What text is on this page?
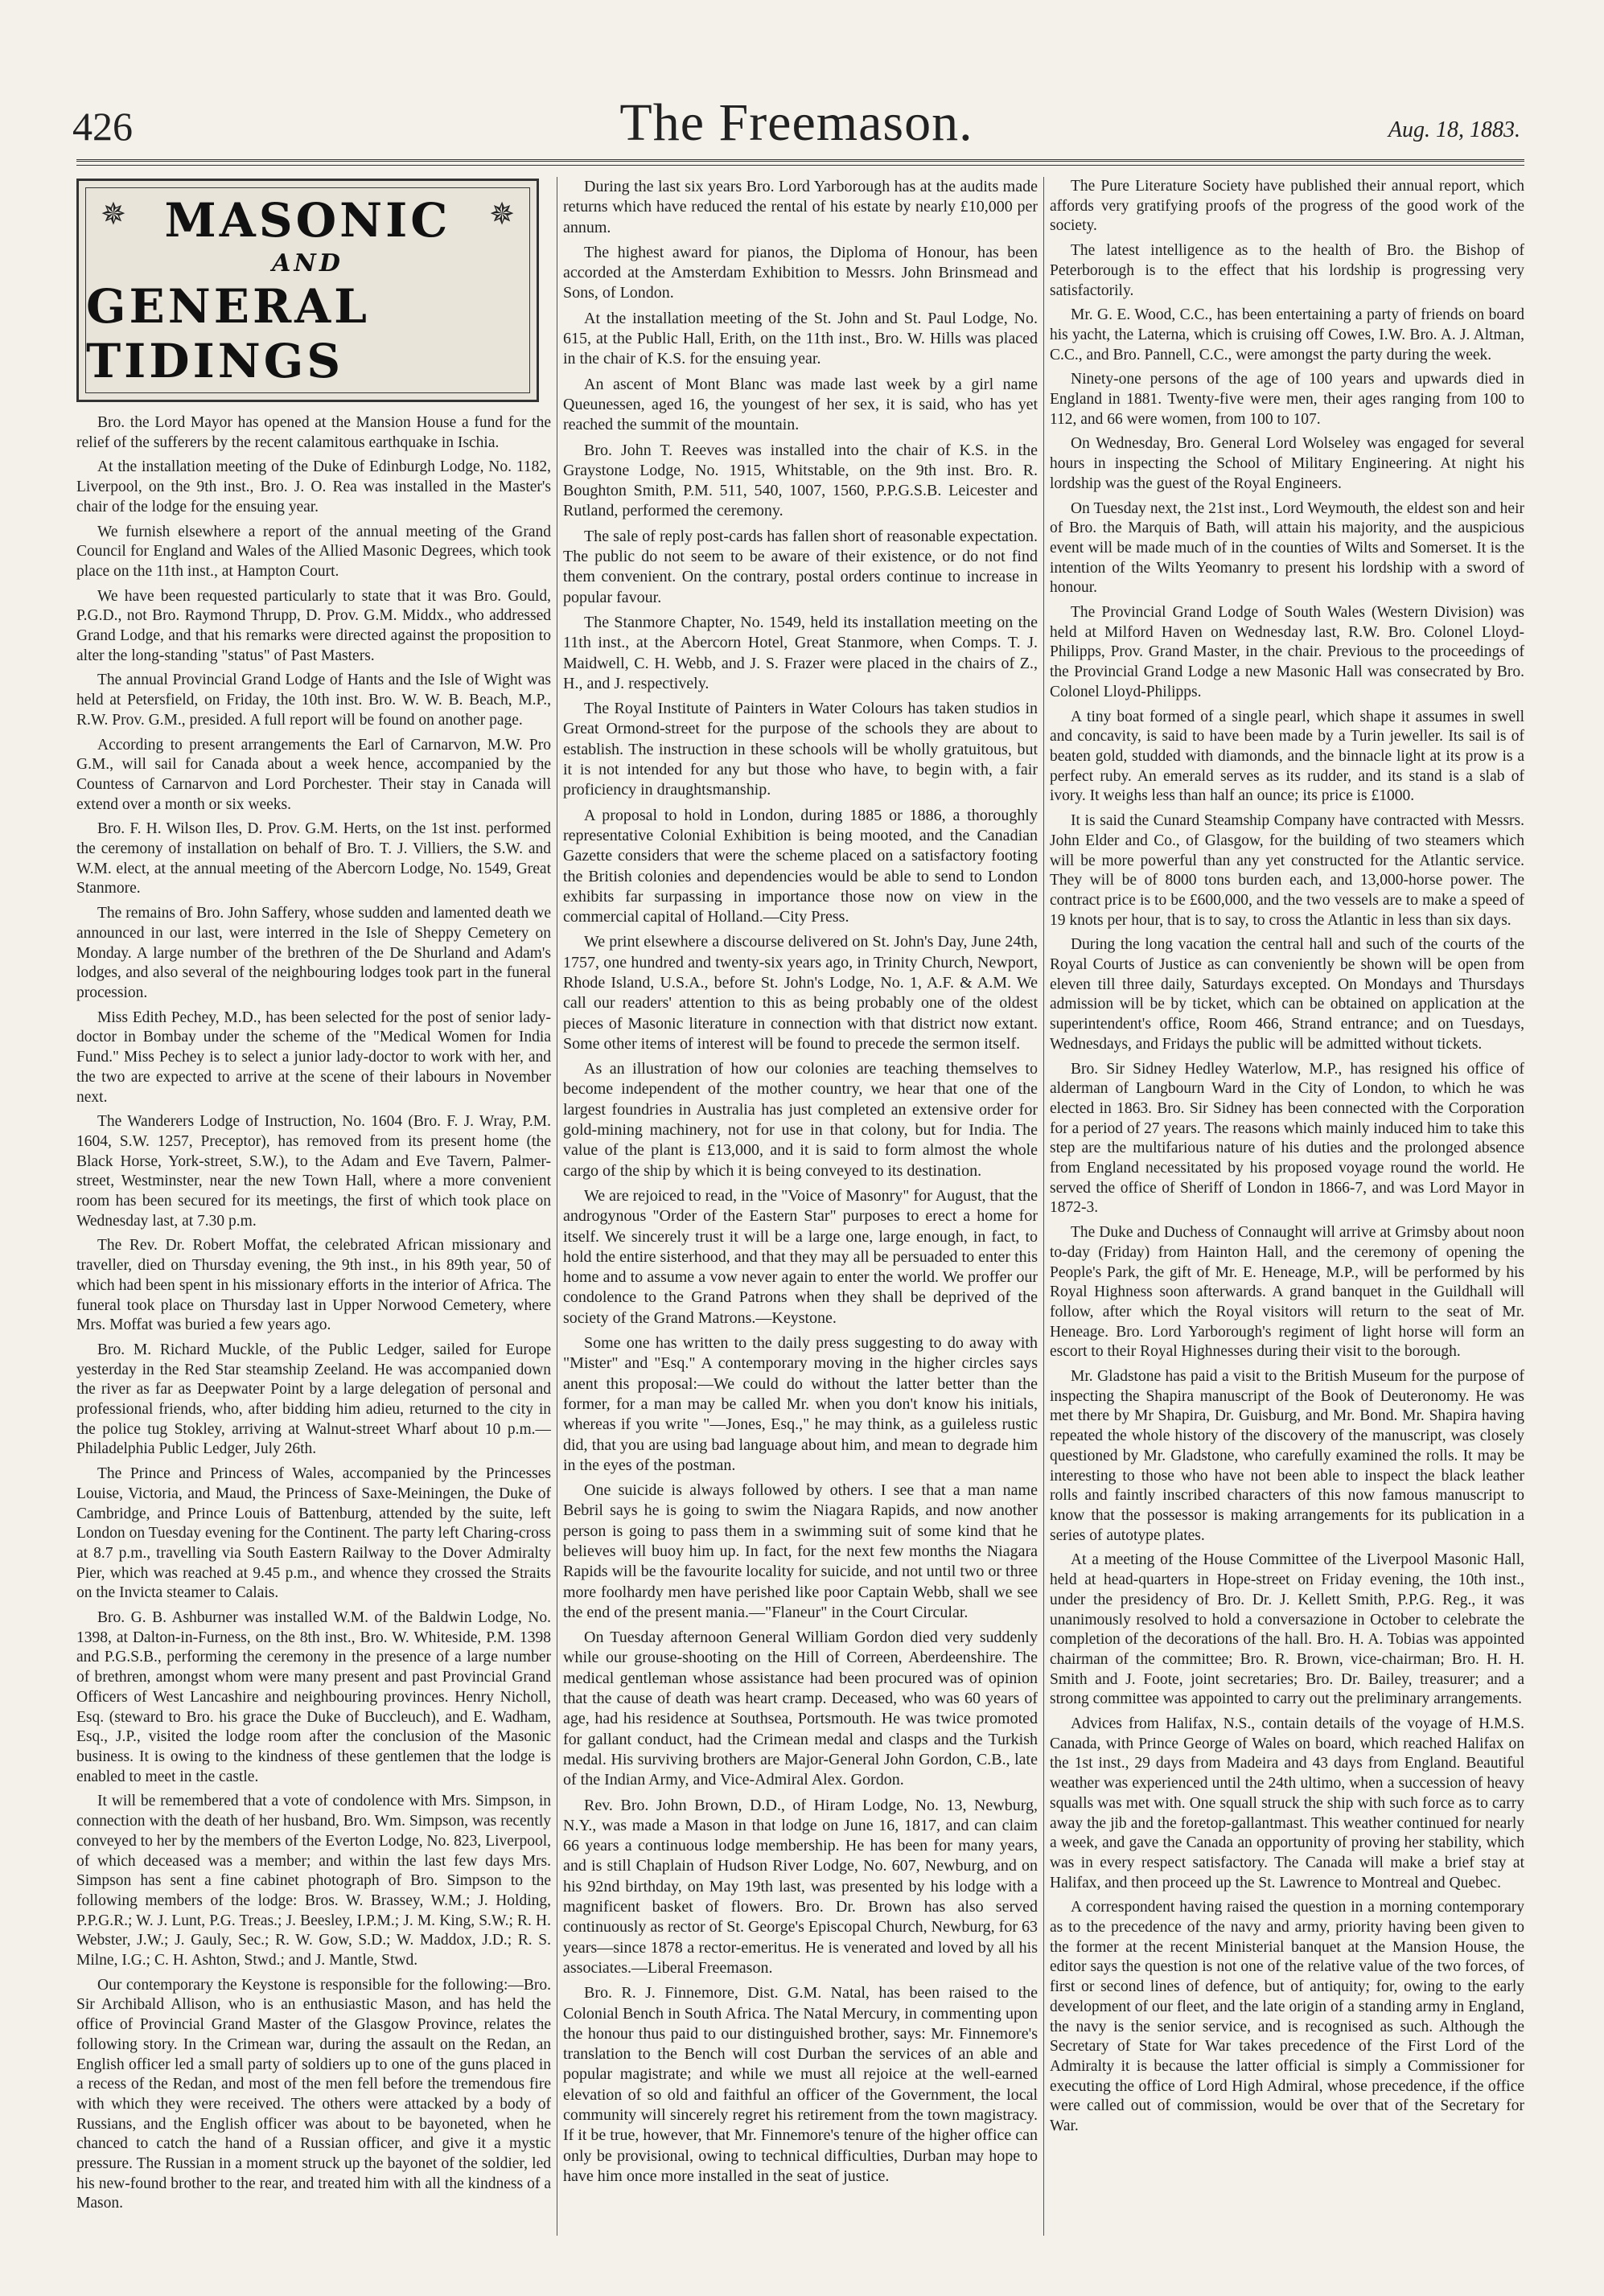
426	The Freemason.	Aug. 18, 1883.
✵	✵
MASONIC
AND
GENERAL TIDINGS

Bro. the Lord Mayor has opened at the Mansion House a fund for the relief of the sufferers by the recent calamitous earthquake in Ischia.

At the installation meeting of the Duke of Edinburgh Lodge, No. 1182, Liverpool, on the 9th inst., Bro. J. O. Rea was installed in the Master's chair of the lodge for the ensuing year.

We furnish elsewhere a report of the annual meeting of the Grand Council for England and Wales of the Allied Masonic Degrees, which took place on the 11th inst., at Hampton Court.

We have been requested particularly to state that it was Bro. Gould, P.G.D., not Bro. Raymond Thrupp, D. Prov. G.M. Middx., who addressed Grand Lodge, and that his remarks were directed against the proposition to alter the long-standing "status" of Past Masters.

The annual Provincial Grand Lodge of Hants and the Isle of Wight was held at Petersfield, on Friday, the 10th inst. Bro. W. W. B. Beach, M.P., R.W. Prov. G.M., presided. A full report will be found on another page.

According to present arrangements the Earl of Carnarvon, M.W. Pro G.M., will sail for Canada about a week hence, accompanied by the Countess of Carnarvon and Lord Porchester. Their stay in Canada will extend over a month or six weeks.

Bro. F. H. Wilson Iles, D. Prov. G.M. Herts, on the 1st inst. performed the ceremony of installation on behalf of Bro. T. J. Villiers, the S.W. and W.M. elect, at the annual meeting of the Abercorn Lodge, No. 1549, Great Stanmore.

The remains of Bro. John Saffery, whose sudden and lamented death we announced in our last, were interred in the Isle of Sheppy Cemetery on Monday. A large number of the brethren of the De Shurland and Adam's lodges, and also several of the neighbouring lodges took part in the funeral procession.

Miss Edith Pechey, M.D., has been selected for the post of senior lady-doctor in Bombay under the scheme of the "Medical Women for India Fund." Miss Pechey is to select a junior lady-doctor to work with her, and the two are expected to arrive at the scene of their labours in November next.

The Wanderers Lodge of Instruction, No. 1604 (Bro. F. J. Wray, P.M. 1604, S.W. 1257, Preceptor), has removed from its present home (the Black Horse, York-street, S.W.), to the Adam and Eve Tavern, Palmer-street, Westminster, near the new Town Hall, where a more convenient room has been secured for its meetings, the first of which took place on Wednesday last, at 7.30 p.m.

The Rev. Dr. Robert Moffat, the celebrated African missionary and traveller, died on Thursday evening, the 9th inst., in his 89th year, 50 of which had been spent in his missionary efforts in the interior of Africa. The funeral took place on Thursday last in Upper Norwood Cemetery, where Mrs. Moffat was buried a few years ago.

Bro. M. Richard Muckle, of the Public Ledger, sailed for Europe yesterday in the Red Star steamship Zeeland. He was accompanied down the river as far as Deepwater Point by a large delegation of personal and professional friends, who, after bidding him adieu, returned to the city in the police tug Stokley, arriving at Walnut-street Wharf about 10 p.m.—Philadelphia Public Ledger, July 26th.

The Prince and Princess of Wales, accompanied by the Princesses Louise, Victoria, and Maud, the Princess of Saxe-Meiningen, the Duke of Cambridge, and Prince Louis of Battenburg, attended by the suite, left London on Tuesday evening for the Continent. The party left Charing-cross at 8.7 p.m., travelling via South Eastern Railway to the Dover Admiralty Pier, which was reached at 9.45 p.m., and whence they crossed the Straits on the Invicta steamer to Calais.

Bro. G. B. Ashburner was installed W.M. of the Baldwin Lodge, No. 1398, at Dalton-in-Furness, on the 8th inst., Bro. W. Whiteside, P.M. 1398 and P.G.S.B., performing the ceremony in the presence of a large number of brethren, amongst whom were many present and past Provincial Grand Officers of West Lancashire and neighbouring provinces. Henry Nicholl, Esq. (steward to Bro. his grace the Duke of Buccleuch), and E. Wadham, Esq., J.P., visited the lodge room after the conclusion of the Masonic business. It is owing to the kindness of these gentlemen that the lodge is enabled to meet in the castle.

It will be remembered that a vote of condolence with Mrs. Simpson, in connection with the death of her husband, Bro. Wm. Simpson, was recently conveyed to her by the members of the Everton Lodge, No. 823, Liverpool, of which deceased was a member; and within the last few days Mrs. Simpson has sent a fine cabinet photograph of Bro. Simpson to the following members of the lodge: Bros. W. Brassey, W.M.; J. Holding, P.P.G.R.; W. J. Lunt, P.G. Treas.; J. Beesley, I.P.M.; J. M. King, S.W.; R. H. Webster, J.W.; J. Gauly, Sec.; R. W. Gow, S.D.; W. Maddox, J.D.; R. S. Milne, I.G.; C. H. Ashton, Stwd.; and J. Mantle, Stwd.

Our contemporary the Keystone is responsible for the following:—Bro. Sir Archibald Allison, who is an enthusiastic Mason, and has held the office of Provincial Grand Master of the Glasgow Province, relates the following story. In the Crimean war, during the assault on the Redan, an English officer led a small party of soldiers up to one of the guns placed in a recess of the Redan, and most of the men fell before the tremendous fire with which they were received. The others were attacked by a body of Russians, and the English officer was about to be bayoneted, when he chanced to catch the hand of a Russian officer, and give it a mystic pressure. The Russian in a moment struck up the bayonet of the soldier, led his new-found brother to the rear, and treated him with all the kindness of a Mason.

During the last six years Bro. Lord Yarborough has at the audits made returns which have reduced the rental of his estate by nearly £10,000 per annum.

The highest award for pianos, the Diploma of Honour, has been accorded at the Amsterdam Exhibition to Messrs. John Brinsmead and Sons, of London.

At the installation meeting of the St. John and St. Paul Lodge, No. 615, at the Public Hall, Erith, on the 11th inst., Bro. W. Hills was placed in the chair of K.S. for the ensuing year.

An ascent of Mont Blanc was made last week by a girl name Queunessen, aged 16, the youngest of her sex, it is said, who has yet reached the summit of the mountain.

Bro. John T. Reeves was installed into the chair of K.S. in the Graystone Lodge, No. 1915, Whitstable, on the 9th inst. Bro. R. Boughton Smith, P.M. 511, 540, 1007, 1560, P.P.G.S.B. Leicester and Rutland, performed the ceremony.

The sale of reply post-cards has fallen short of reasonable expectation. The public do not seem to be aware of their existence, or do not find them convenient. On the contrary, postal orders continue to increase in popular favour.

The Stanmore Chapter, No. 1549, held its installation meeting on the 11th inst., at the Abercorn Hotel, Great Stanmore, when Comps. T. J. Maidwell, C. H. Webb, and J. S. Frazer were placed in the chairs of Z., H., and J. respectively.

The Royal Institute of Painters in Water Colours has taken studios in Great Ormond-street for the purpose of the schools they are about to establish. The instruction in these schools will be wholly gratuitous, but it is not intended for any but those who have, to begin with, a fair proficiency in draughtsmanship.

A proposal to hold in London, during 1885 or 1886, a thoroughly representative Colonial Exhibition is being mooted, and the Canadian Gazette considers that were the scheme placed on a satisfactory footing the British colonies and dependencies would be able to send to London exhibits far surpassing in importance those now on view in the commercial capital of Holland.—City Press.

We print elsewhere a discourse delivered on St. John's Day, June 24th, 1757, one hundred and twenty-six years ago, in Trinity Church, Newport, Rhode Island, U.S.A., before St. John's Lodge, No. 1, A.F. & A.M. We call our readers' attention to this as being probably one of the oldest pieces of Masonic literature in connection with that district now extant. Some other items of interest will be found to precede the sermon itself.

As an illustration of how our colonies are teaching themselves to become independent of the mother country, we hear that one of the largest foundries in Australia has just completed an extensive order for gold-mining machinery, not for use in that colony, but for India. The value of the plant is £13,000, and it is said to form almost the whole cargo of the ship by which it is being conveyed to its destination.

We are rejoiced to read, in the "Voice of Masonry" for August, that the androgynous "Order of the Eastern Star" purposes to erect a home for itself. We sincerely trust it will be a large one, large enough, in fact, to hold the entire sisterhood, and that they may all be persuaded to enter this home and to assume a vow never again to enter the world. We proffer our condolence to the Grand Patrons when they shall be deprived of the society of the Grand Matrons.—Keystone.

Some one has written to the daily press suggesting to do away with "Mister" and "Esq." A contemporary moving in the higher circles says anent this proposal:—We could do without the latter better than the former, for a man may be called Mr. when you don't know his initials, whereas if you write "—Jones, Esq.," he may think, as a guileless rustic did, that you are using bad language about him, and mean to degrade him in the eyes of the postman.

One suicide is always followed by others. I see that a man name Bebril says he is going to swim the Niagara Rapids, and now another person is going to pass them in a swimming suit of some kind that he believes will buoy him up. In fact, for the next few months the Niagara Rapids will be the favourite locality for suicide, and not until two or three more foolhardy men have perished like poor Captain Webb, shall we see the end of the present mania.—"Flaneur" in the Court Circular.

On Tuesday afternoon General William Gordon died very suddenly while our grouse-shooting on the Hill of Correen, Aberdeenshire. The medical gentleman whose assistance had been procured was of opinion that the cause of death was heart cramp. Deceased, who was 60 years of age, had his residence at Southsea, Portsmouth. He was twice promoted for gallant conduct, had the Crimean medal and clasps and the Turkish medal. His surviving brothers are Major-General John Gordon, C.B., late of the Indian Army, and Vice-Admiral Alex. Gordon.

Rev. Bro. John Brown, D.D., of Hiram Lodge, No. 13, Newburg, N.Y., was made a Mason in that lodge on June 16, 1817, and can claim 66 years a continuous lodge membership. He has been for many years, and is still Chaplain of Hudson River Lodge, No. 607, Newburg, and on his 92nd birthday, on May 19th last, was presented by his lodge with a magnificent basket of flowers. Bro. Dr. Brown has also served continuously as rector of St. George's Episcopal Church, Newburg, for 63 years—since 1878 a rector-emeritus. He is venerated and loved by all his associates.—Liberal Freemason.

Bro. R. J. Finnemore, Dist. G.M. Natal, has been raised to the Colonial Bench in South Africa. The Natal Mercury, in commenting upon the honour thus paid to our distinguished brother, says: Mr. Finnemore's translation to the Bench will cost Durban the services of an able and popular magistrate; and while we must all rejoice at the well-earned elevation of so old and faithful an officer of the Government, the local community will sincerely regret his retirement from the town magistracy. If it be true, however, that Mr. Finnemore's tenure of the higher office can only be provisional, owing to technical difficulties, Durban may hope to have him once more installed in the seat of justice.

The Pure Literature Society have published their annual report, which affords very gratifying proofs of the progress of the good work of the society.

The latest intelligence as to the health of Bro. the Bishop of Peterborough is to the effect that his lordship is progressing very satisfactorily.

Mr. G. E. Wood, C.C., has been entertaining a party of friends on board his yacht, the Laterna, which is cruising off Cowes, I.W. Bro. A. J. Altman, C.C., and Bro. Pannell, C.C., were amongst the party during the week.

Ninety-one persons of the age of 100 years and upwards died in England in 1881. Twenty-five were men, their ages ranging from 100 to 112, and 66 were women, from 100 to 107.

On Wednesday, Bro. General Lord Wolseley was engaged for several hours in inspecting the School of Military Engineering. At night his lordship was the guest of the Royal Engineers.

On Tuesday next, the 21st inst., Lord Weymouth, the eldest son and heir of Bro. the Marquis of Bath, will attain his majority, and the auspicious event will be made much of in the counties of Wilts and Somerset. It is the intention of the Wilts Yeomanry to present his lordship with a sword of honour.

The Provincial Grand Lodge of South Wales (Western Division) was held at Milford Haven on Wednesday last, R.W. Bro. Colonel Lloyd-Philipps, Prov. Grand Master, in the chair. Previous to the proceedings of the Provincial Grand Lodge a new Masonic Hall was consecrated by Bro. Colonel Lloyd-Philipps.

A tiny boat formed of a single pearl, which shape it assumes in swell and concavity, is said to have been made by a Turin jeweller. Its sail is of beaten gold, studded with diamonds, and the binnacle light at its prow is a perfect ruby. An emerald serves as its rudder, and its stand is a slab of ivory. It weighs less than half an ounce; its price is £1000.

It is said the Cunard Steamship Company have contracted with Messrs. John Elder and Co., of Glasgow, for the building of two steamers which will be more powerful than any yet constructed for the Atlantic service. They will be of 8000 tons burden each, and 13,000-horse power. The contract price is to be £600,000, and the two vessels are to make a speed of 19 knots per hour, that is to say, to cross the Atlantic in less than six days.

During the long vacation the central hall and such of the courts of the Royal Courts of Justice as can conveniently be shown will be open from eleven till three daily, Saturdays excepted. On Mondays and Thursdays admission will be by ticket, which can be obtained on application at the superintendent's office, Room 466, Strand entrance; and on Tuesdays, Wednesdays, and Fridays the public will be admitted without tickets.

Bro. Sir Sidney Hedley Waterlow, M.P., has resigned his office of alderman of Langbourn Ward in the City of London, to which he was elected in 1863. Bro. Sir Sidney has been connected with the Corporation for a period of 27 years. The reasons which mainly induced him to take this step are the multifarious nature of his duties and the prolonged absence from England necessitated by his proposed voyage round the world. He served the office of Sheriff of London in 1866-7, and was Lord Mayor in 1872-3.

The Duke and Duchess of Connaught will arrive at Grimsby about noon to-day (Friday) from Hainton Hall, and the ceremony of opening the People's Park, the gift of Mr. E. Heneage, M.P., will be performed by his Royal Highness soon afterwards. A grand banquet in the Guildhall will follow, after which the Royal visitors will return to the seat of Mr. Heneage. Bro. Lord Yarborough's regiment of light horse will form an escort to their Royal Highnesses during their visit to the borough.

Mr. Gladstone has paid a visit to the British Museum for the purpose of inspecting the Shapira manuscript of the Book of Deuteronomy. He was met there by Mr Shapira, Dr. Guisburg, and Mr. Bond. Mr. Shapira having repeated the whole history of the discovery of the manuscript, was closely questioned by Mr. Gladstone, who carefully examined the rolls. It may be interesting to those who have not been able to inspect the black leather rolls and faintly inscribed characters of this now famous manuscript to know that the possessor is making arrangements for its publication in a series of autotype plates.

At a meeting of the House Committee of the Liverpool Masonic Hall, held at head-quarters in Hope-street on Friday evening, the 10th inst., under the presidency of Bro. Dr. J. Kellett Smith, P.P.G. Reg., it was unanimously resolved to hold a conversazione in October to celebrate the completion of the decorations of the hall. Bro. H. A. Tobias was appointed chairman of the committee; Bro. R. Brown, vice-chairman; Bro. H. H. Smith and J. Foote, joint secretaries; Bro. Dr. Bailey, treasurer; and a strong committee was appointed to carry out the preliminary arrangements.

Advices from Halifax, N.S., contain details of the voyage of H.M.S. Canada, with Prince George of Wales on board, which reached Halifax on the 1st inst., 29 days from Madeira and 43 days from England. Beautiful weather was experienced until the 24th ultimo, when a succession of heavy squalls was met with. One squall struck the ship with such force as to carry away the jib and the foretop-gallantmast. This weather continued for nearly a week, and gave the Canada an opportunity of proving her stability, which was in every respect satisfactory. The Canada will make a brief stay at Halifax, and then proceed up the St. Lawrence to Montreal and Quebec.

A correspondent having raised the question in a morning contemporary as to the precedence of the navy and army, priority having been given to the former at the recent Ministerial banquet at the Mansion House, the editor says the question is not one of the relative value of the two forces, of first or second lines of defence, but of antiquity; for, owing to the early development of our fleet, and the late origin of a standing army in England, the navy is the senior service, and is recognised as such. Although the Secretary of State for War takes precedence of the First Lord of the Admiralty it is because the latter official is simply a Commissioner for executing the office of Lord High Admiral, whose precedence, if the office were called out of commission, would be over that of the Secretary for War.
